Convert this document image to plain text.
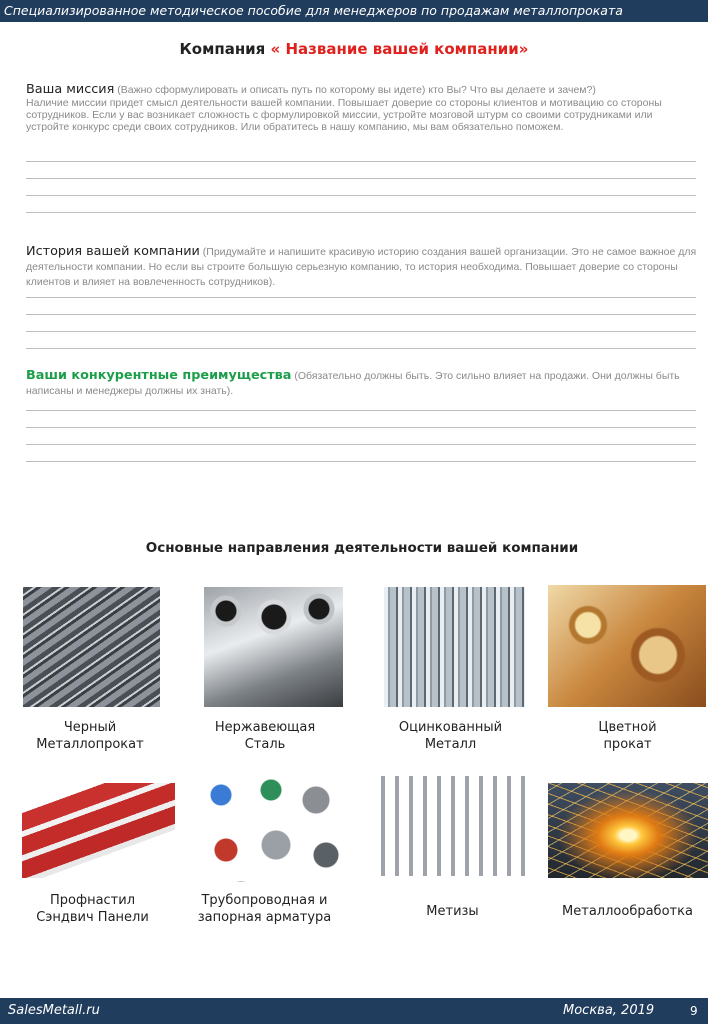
Специализированное методическое пособие для менеджеров по продажам металлопроката
Компания « Название вашей компании»
Ваша миссия (Важно сформулировать и описать путь по которому вы идете) кто Вы? Что вы делаете и зачем?)
Наличие миссии придет смысл деятельности вашей компании. Повышает доверие со стороны клиентов и мотивацию со стороны сотрудников. Если у вас возникает сложность с формулировкой миссии, устройте мозговой штурм со своими сотрудниками или устройте конкурс среди своих сотрудников. Или обратитесь в нашу компанию, мы вам обязательно поможем.
История вашей компании (Придумайте и напишите красивую историю создания вашей организации. Это не самое важное для деятельности компании. Но если вы строите большую серьезную компанию, то история необходима. Повышает доверие со стороны клиентов и влияет на вовлеченность сотрудников).
Ваши конкурентные преимущества (Обязательно должны быть. Это сильно влияет на продажи. Они должны быть написаны и менеджеры должны их знать).
Основные направления деятельности вашей компании
Черный
Металлопрокат
Нержавеющая
Сталь
Оцинкованный
Металл
Цветной
прокат
Профнастил
Сэндвич Панели
Трубопроводная и
запорная арматура	Метизы	Металлообработка
SalesMetall.ru	Москва, 2019	9
